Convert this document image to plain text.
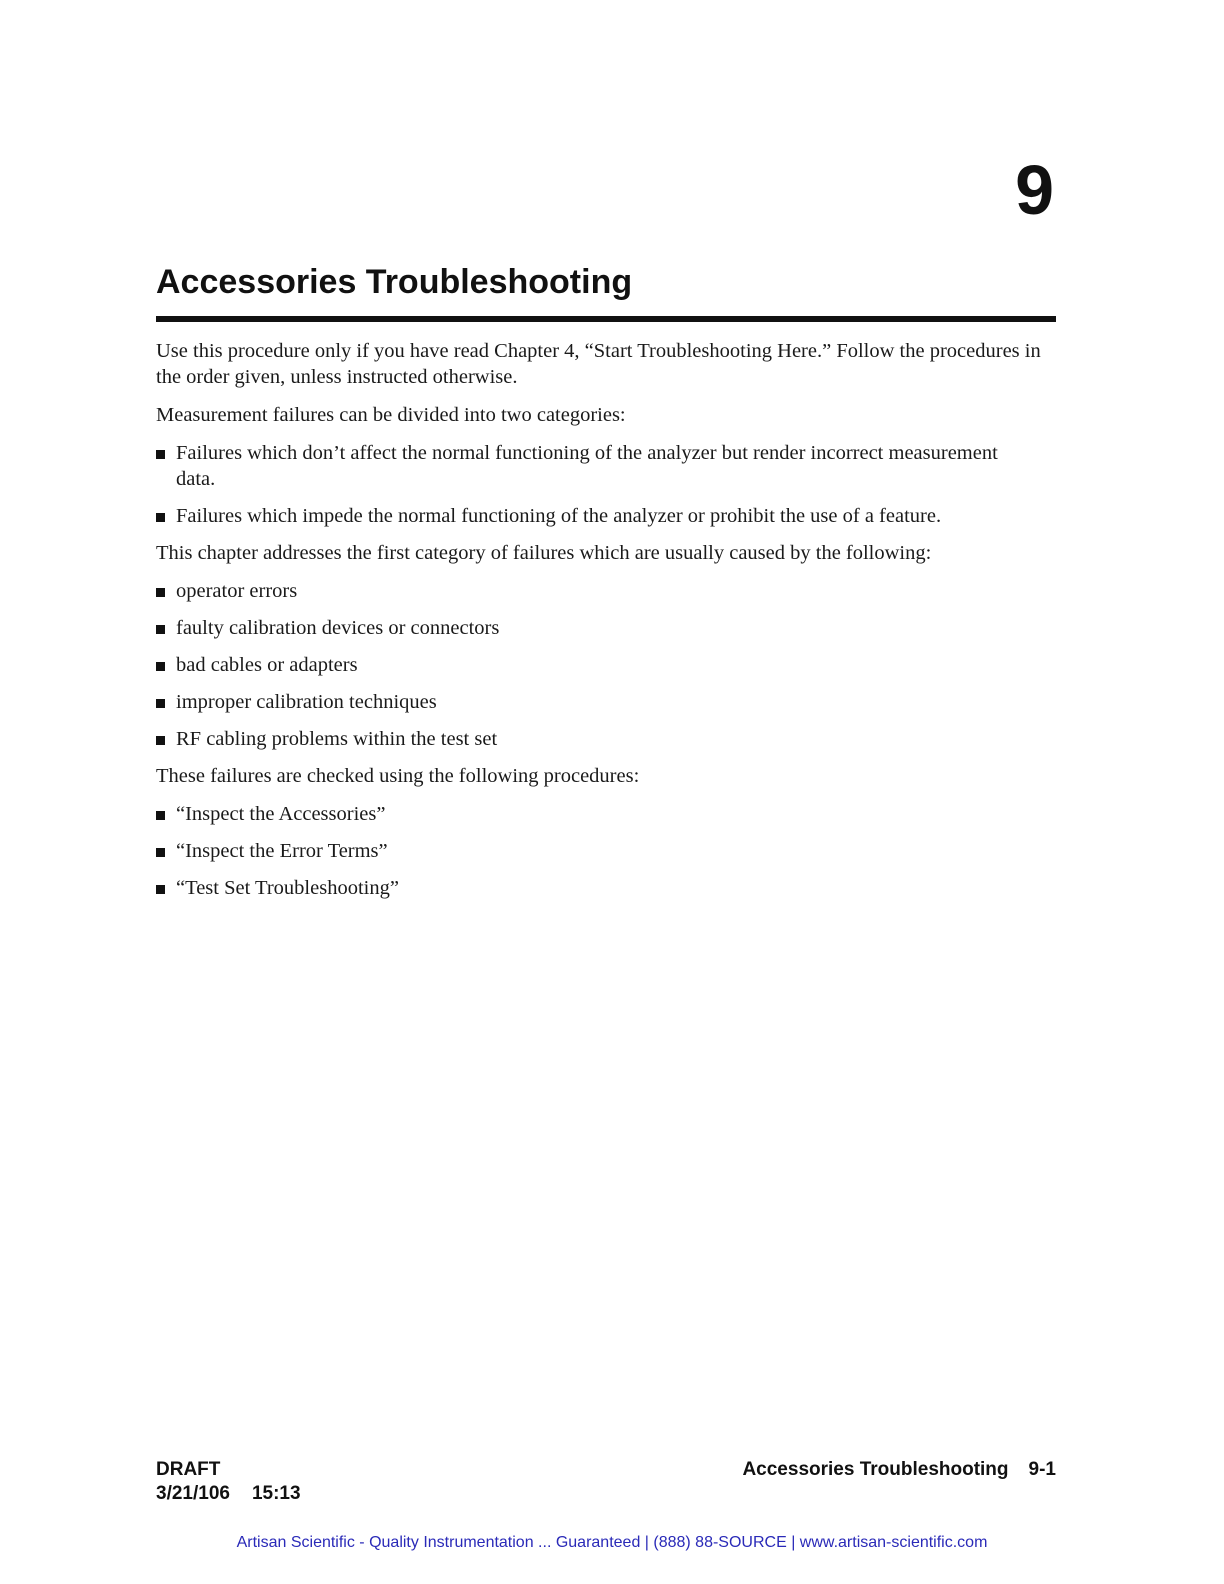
9
Accessories Troubleshooting

Use this procedure only if you have read Chapter 4, “Start Troubleshooting Here.” Follow the procedures in the order given, unless instructed otherwise.

Measurement failures can be divided into two categories:

Failures which don’t affect the normal functioning of the analyzer but render incorrect measurement data.
Failures which impede the normal functioning of the analyzer or prohibit the use of a feature.

This chapter addresses the first category of failures which are usually caused by the following:

operator errors
faulty calibration devices or connectors
bad cables or adapters
improper calibration techniques
RF cabling problems within the test set

These failures are checked using the following procedures:

“Inspect the Accessories”
“Inspect the Error Terms”
“Test Set Troubleshooting”
DRAFT
3/21/106 15:13
Accessories Troubleshooting 9-1
Artisan Scientific - Quality Instrumentation ... Guaranteed | (888) 88-SOURCE | www.artisan-scientific.com
